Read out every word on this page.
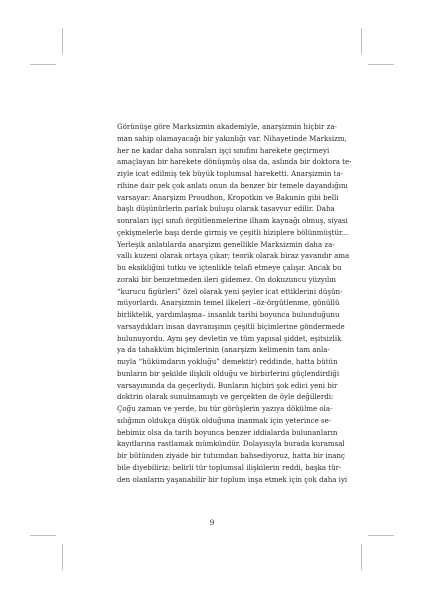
Görünüşe göre Marksizmin akademiyle, anarşizmin hiçbir za-
man sahip olamayacağı bir yakınlığı var. Nihayetinde Marksizm,
her ne kadar daha sonraları işçi sınıfını harekete geçirmeyi
amaçlayan bir harekete dönüşmüş olsa da, aslında bir doktora te-
ziyle icat edilmiş tek büyük toplumsal hareketti. Anarşizmin ta-
rihine dair pek çok anlatı onun da benzer bir temele dayandığını
varsayar: Anarşizm Proudhon, Kropotkin ve Bakunin gibi belli
başlı düşünürlerin parlak buluşu olarak tasavvur edilir. Daha
sonraları işçi sınıfı örgütlenmelerine ilham kaynağı olmuş, siyasi
çekişmelerle başı derde girmiş ve çeşitli hiziplere bölünmüştür...
Yerleşik anlatılarda anarşizm genellikle Marksizmin daha za-
vallı kuzeni olarak ortaya çıkar; teorik olarak biraz yavandır ama
bu eksikliğini tutku ve içtenlikle telafi etmeye çalışır. Ancak bu
zoraki bir benzetmeden ileri gidemez. On dokuzuncu yüzyılın
“kurucu figürleri” özel olarak yeni şeyler icat ettiklerini düşün-
müyorlardı. Anarşizmin temel ilkeleri –öz-örgütlenme, gönüllü
birliktelik, yardımlaşma– insanlık tarihi boyunca bulunduğunu
varsaydıkları insan davranışının çeşitli biçimlerine göndermede
bulunuyordu. Aynı şey devletin ve tüm yapısal şiddet, eşitsizlik
ya da tahakküm biçimlerinin (anarşizm kelimenin tam anla-
mıyla “hükümdarın yokluğu” demektir) reddinde, hatta bütün
bunların bir şekilde ilişkili olduğu ve birbirlerini güçlendirdiği
varsayımında da geçerliydi. Bunların hiçbiri şok edici yeni bir
doktrin olarak sunulmamıştı ve gerçekten de öyle değillerdi:
Çoğu zaman ve yerde, bu tür görüşlerin yazıya dökülme ola-
sılığının oldukça düşük olduğuna inanmak için yeterince se-
bebimiz olsa da tarih boyunca benzer iddialarda bulunanların
kayıtlarına rastlamak mümkündür. Dolayısıyla burada kuramsal
bir bütünden ziyade bir tutumdan bahsediyoruz, hatta bir inanç
bile diyebiliriz: belirli tür toplumsal ilişkilerin reddi, başka tür-
den olanların yaşanabilir bir toplum inşa etmek için çok daha iyi
9
